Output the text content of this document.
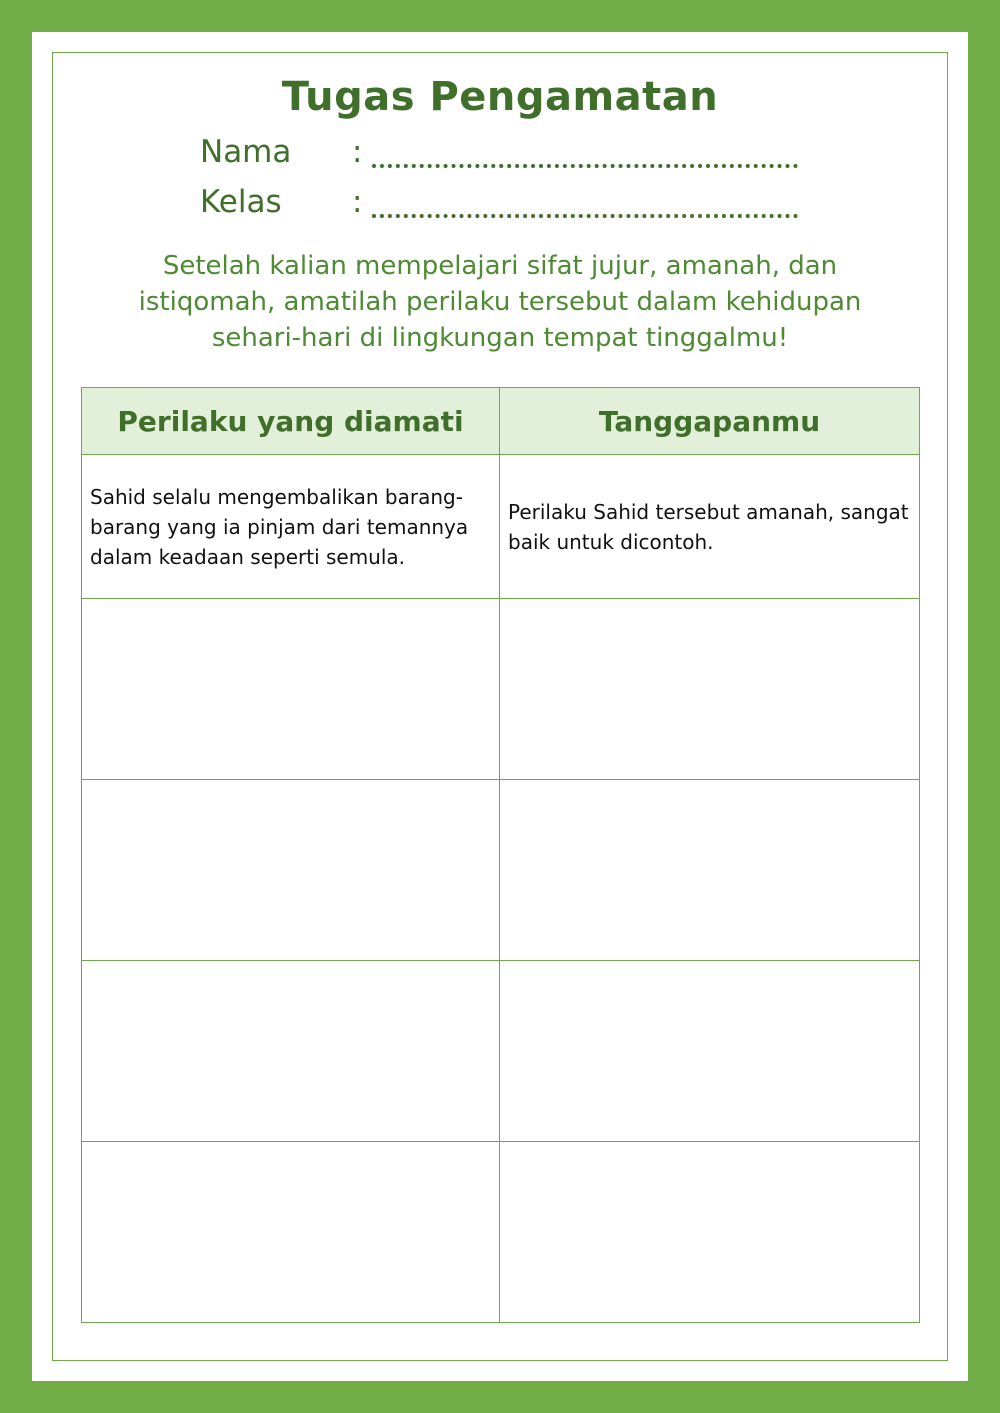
Tugas Pengamatan
Nama :
Kelas :
Setelah kalian mempelajari sifat jujur, amanah, dan istiqomah, amatilah perilaku tersebut dalam kehidupan sehari-hari di lingkungan tempat tinggalmu!
Perilaku yang diamati	Tanggapanmu

Sahid selalu mengembalikan barang-barang yang ia pinjam dari temannya dalam keadaan seperti semula.	Perilaku Sahid tersebut amanah, sangat baik untuk dicontoh.
